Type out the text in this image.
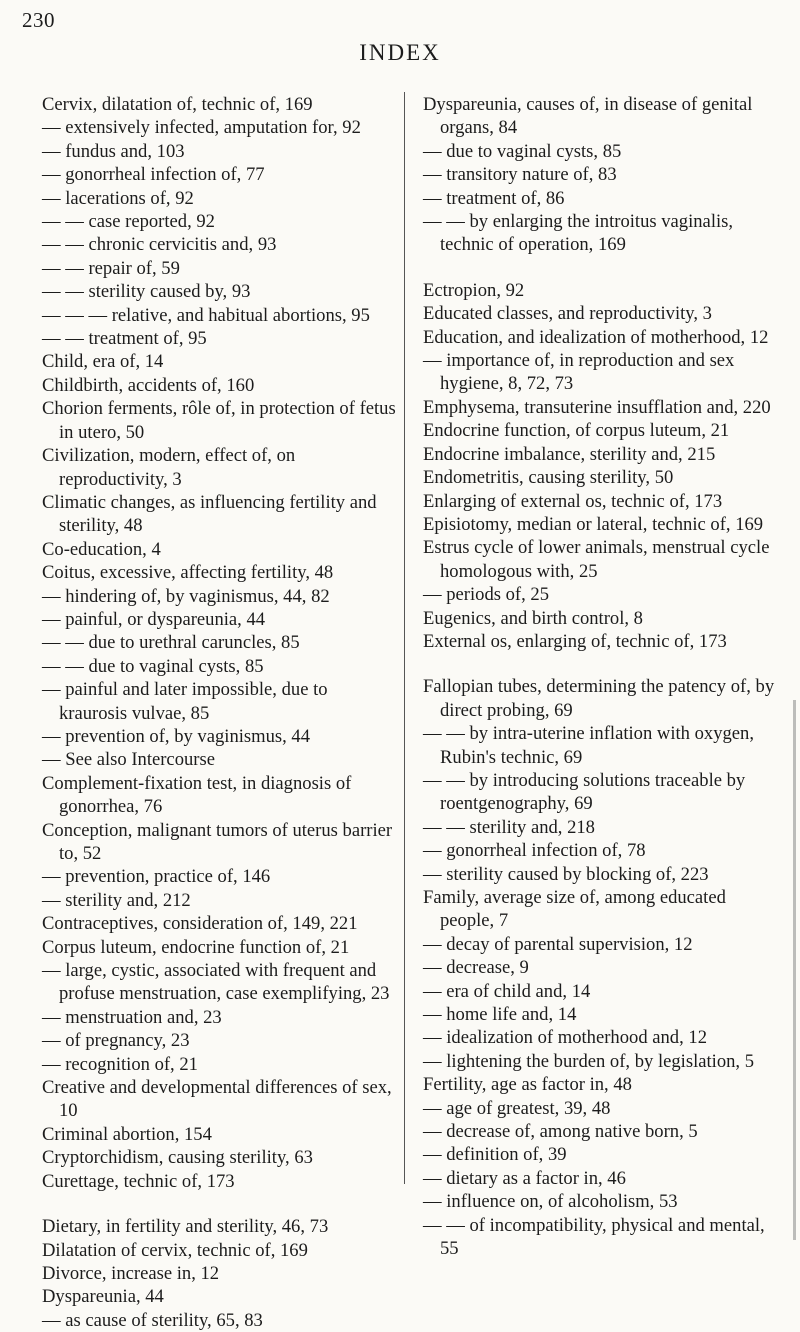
230
INDEX
Cervix, dilatation of, technic of, 169
— extensively infected, amputation for, 92
— fundus and, 103
— gonorrheal infection of, 77
— lacerations of, 92
— — case reported, 92
— — chronic cervicitis and, 93
— — repair of, 59
— — sterility caused by, 93
— — — relative, and habitual abortions, 95
— — treatment of, 95
Child, era of, 14
Childbirth, accidents of, 160
Chorion ferments, rôle of, in protection of fetus in utero, 50
Civilization, modern, effect of, on reproductivity, 3
Climatic changes, as influencing fertility and sterility, 48
Co-education, 4
Coitus, excessive, affecting fertility, 48
— hindering of, by vaginismus, 44, 82
— painful, or dyspareunia, 44
— — due to urethral caruncles, 85
— — due to vaginal cysts, 85
— painful and later impossible, due to kraurosis vulvae, 85
— prevention of, by vaginismus, 44
— See also Intercourse
Complement-fixation test, in diagnosis of gonorrhea, 76
Conception, malignant tumors of uterus barrier to, 52
— prevention, practice of, 146
— sterility and, 212
Contraceptives, consideration of, 149, 221
Corpus luteum, endocrine function of, 21
— large, cystic, associated with frequent and profuse menstruation, case exemplifying, 23
— menstruation and, 23
— of pregnancy, 23
— recognition of, 21
Creative and developmental differences of sex, 10
Criminal abortion, 154
Cryptorchidism, causing sterility, 63
Curettage, technic of, 173
Dietary, in fertility and sterility, 46, 73
Dilatation of cervix, technic of, 169
Divorce, increase in, 12
Dyspareunia, 44
— as cause of sterility, 65, 83
Dyspareunia, causes of, in disease of genital organs, 84
— due to vaginal cysts, 85
— transitory nature of, 83
— treatment of, 86
— — by enlarging the introitus vaginalis, technic of operation, 169
Ectropion, 92
Educated classes, and reproductivity, 3
Education, and idealization of motherhood, 12
— importance of, in reproduction and sex hygiene, 8, 72, 73
Emphysema, transuterine insufflation and, 220
Endocrine function, of corpus luteum, 21
Endocrine imbalance, sterility and, 215
Endometritis, causing sterility, 50
Enlarging of external os, technic of, 173
Episiotomy, median or lateral, technic of, 169
Estrus cycle of lower animals, menstrual cycle homologous with, 25
— periods of, 25
Eugenics, and birth control, 8
External os, enlarging of, technic of, 173
Fallopian tubes, determining the patency of, by direct probing, 69
— — by intra-uterine inflation with oxygen, Rubin's technic, 69
— — by introducing solutions traceable by roentgenography, 69
— — sterility and, 218
— gonorrheal infection of, 78
— sterility caused by blocking of, 223
Family, average size of, among educated people, 7
— decay of parental supervision, 12
— decrease, 9
— era of child and, 14
— home life and, 14
— idealization of motherhood and, 12
— lightening the burden of, by legislation, 5
Fertility, age as factor in, 48
— age of greatest, 39, 48
— decrease of, among native born, 5
— definition of, 39
— dietary as a factor in, 46
— influence on, of alcoholism, 53
— — of incompatibility, physical and mental, 55
